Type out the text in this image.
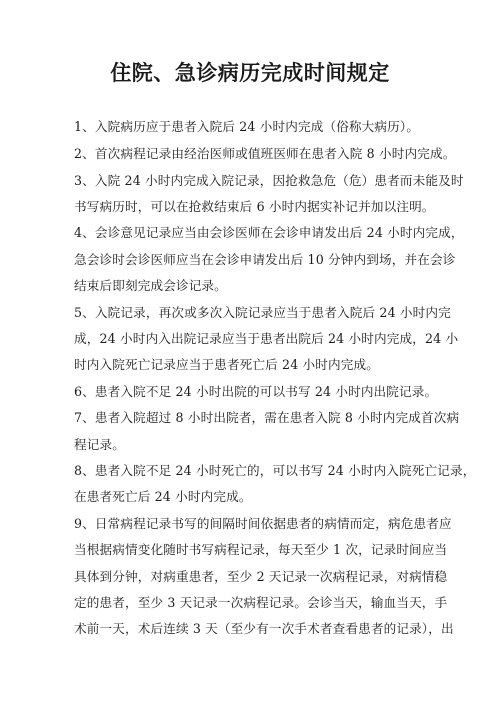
住院、急诊病历完成时间规定
1、入院病历应于患者入院后 24 小时内完成（俗称大病历）。
2、首次病程记录由经治医师或值班医师在患者入院 8 小时内完成。
3、入院 24 小时内完成入院记录，因抢救急危（危）患者而未能及时
书写病历时，可以在抢救结束后 6 小时内据实补记并加以注明。
4、会诊意见记录应当由会诊医师在会诊申请发出后 24 小时内完成，
急会诊时会诊医师应当在会诊申请发出后 10 分钟内到场，并在会诊
结束后即刻完成会诊记录。
5、入院记录，再次或多次入院记录应当于患者入院后 24 小时内完
成，24 小时内入出院记录应当于患者出院后 24 小时内完成，24 小
时内入院死亡记录应当于患者死亡后 24 小时内完成。
6、患者入院不足 24 小时出院的可以书写 24 小时内出院记录。
7、患者入院超过 8 小时出院者，需在患者入院 8 小时内完成首次病
程记录。
8、患者入院不足 24 小时死亡的，可以书写 24 小时内入院死亡记录，
在患者死亡后 24 小时内完成。
9、日常病程记录书写的间隔时间依据患者的病情而定，病危患者应
当根据病情变化随时书写病程记录，每天至少 1 次，记录时间应当
具体到分钟，对病重患者，至少 2 天记录一次病程记录，对病情稳
定的患者，至少 3 天记录一次病程记录。会诊当天，输血当天，手
术前一天，术后连续 3 天（至少有一次手术者查看患者的记录），出
